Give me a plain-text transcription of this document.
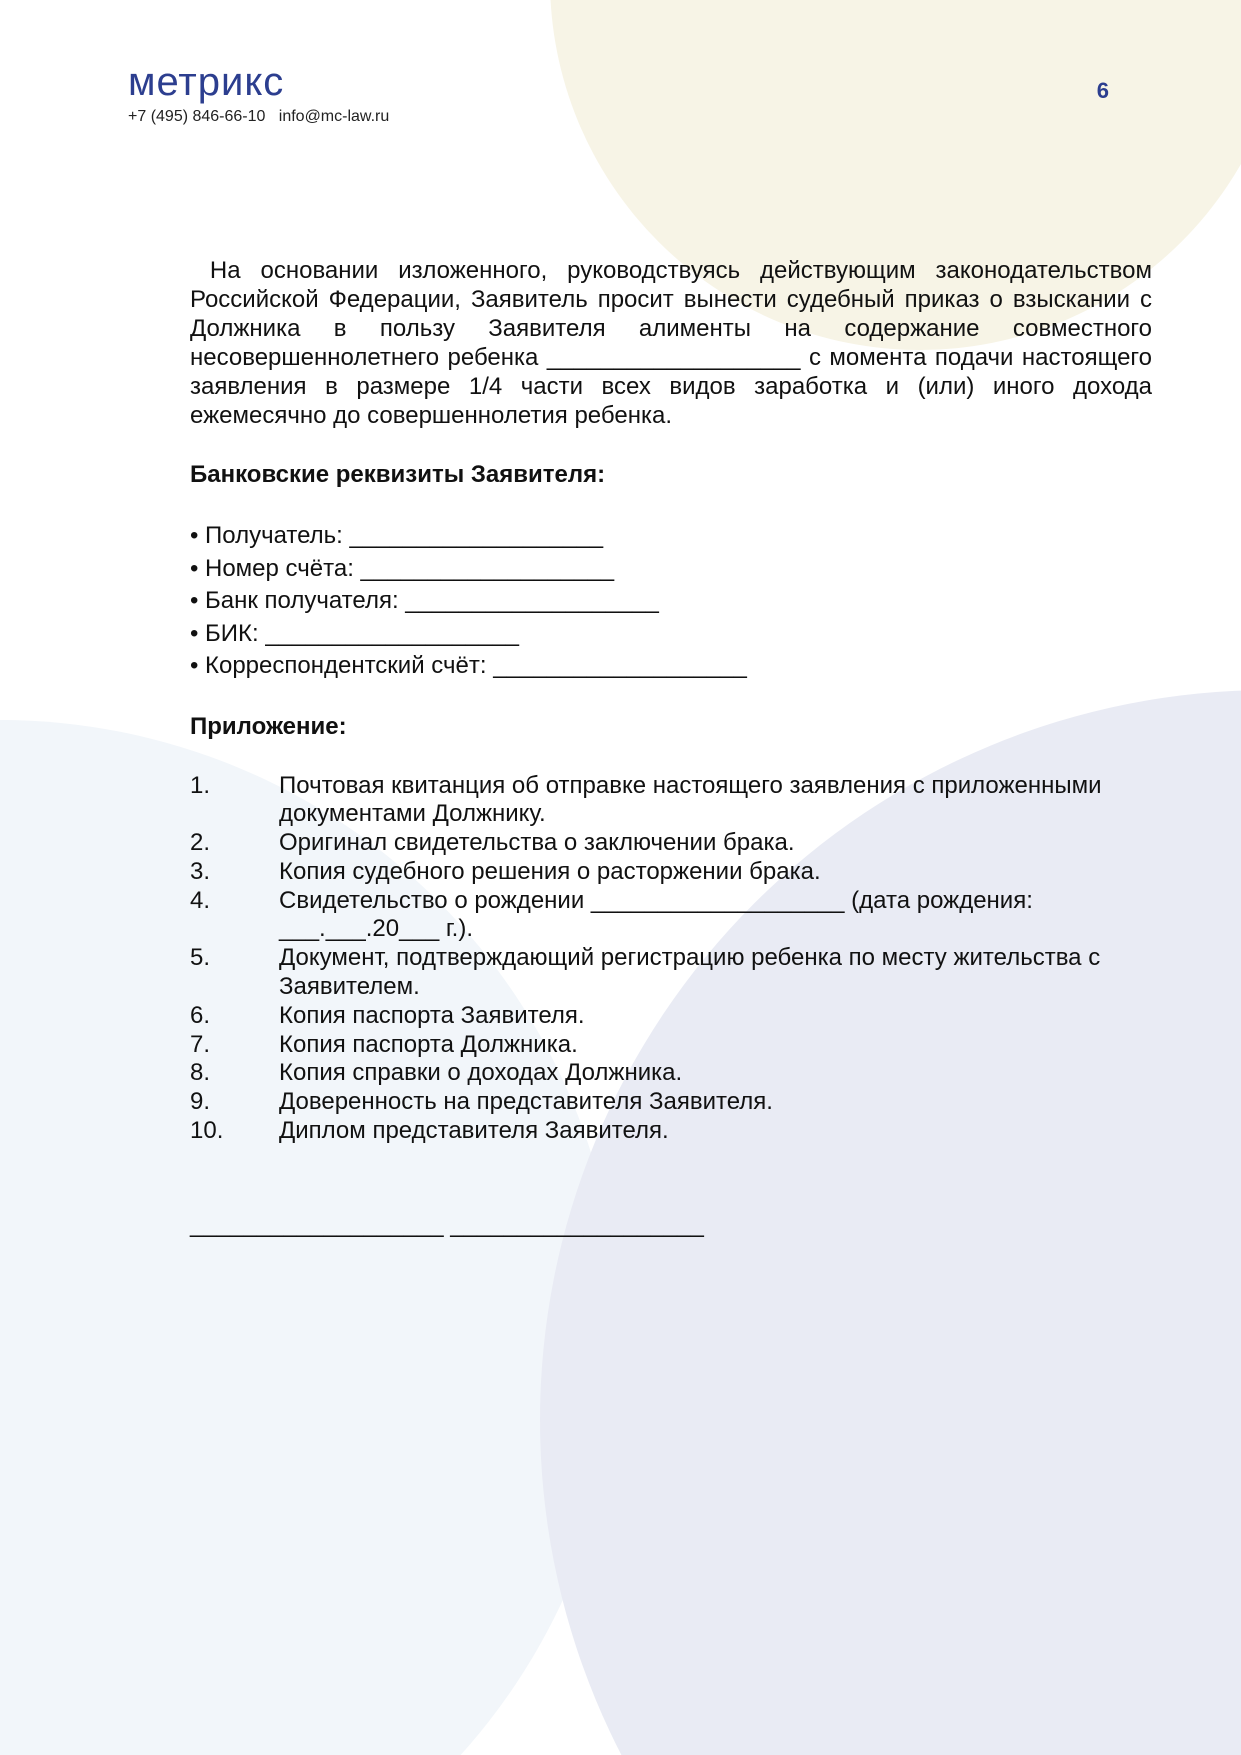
метрикс
+7 (495) 846-66-10   info@mc-law.ru
6

На основании изложенного, руководствуясь действующим законодательством Российской Федерации, Заявитель просит вынести судебный приказ о взыскании с Должника в пользу Заявителя алименты на содержание совместного несовершеннолетнего ребенка ___________________ с момента подачи настоящего заявления в размере 1/4 части всех видов заработка и (или) иного дохода ежемесячно до совершеннолетия ребенка.

Банковские реквизиты Заявителя:

• Получатель: ___________________
• Номер счёта: ___________________
• Банк получателя: ___________________
• БИК: ___________________
• Корреспондентский счёт: ___________________

Приложение:

1.	Почтовая квитанция об отправке настоящего заявления с приложенными документами Должнику.
2.	Оригинал свидетельства о заключении брака.
3.	Копия судебного решения о расторжении брака.
4.	Свидетельство о рождении ___________________ (дата рождения: ___.___.20___ г.).
5.	Документ, подтверждающий регистрацию ребенка по месту жительства с Заявителем.
6.	Копия паспорта Заявителя.
7.	Копия паспорта Должника.
8.	Копия справки о доходах Должника.
9.	Доверенность на представителя Заявителя.
10. Диплом представителя Заявителя.
___________________ ___________________
